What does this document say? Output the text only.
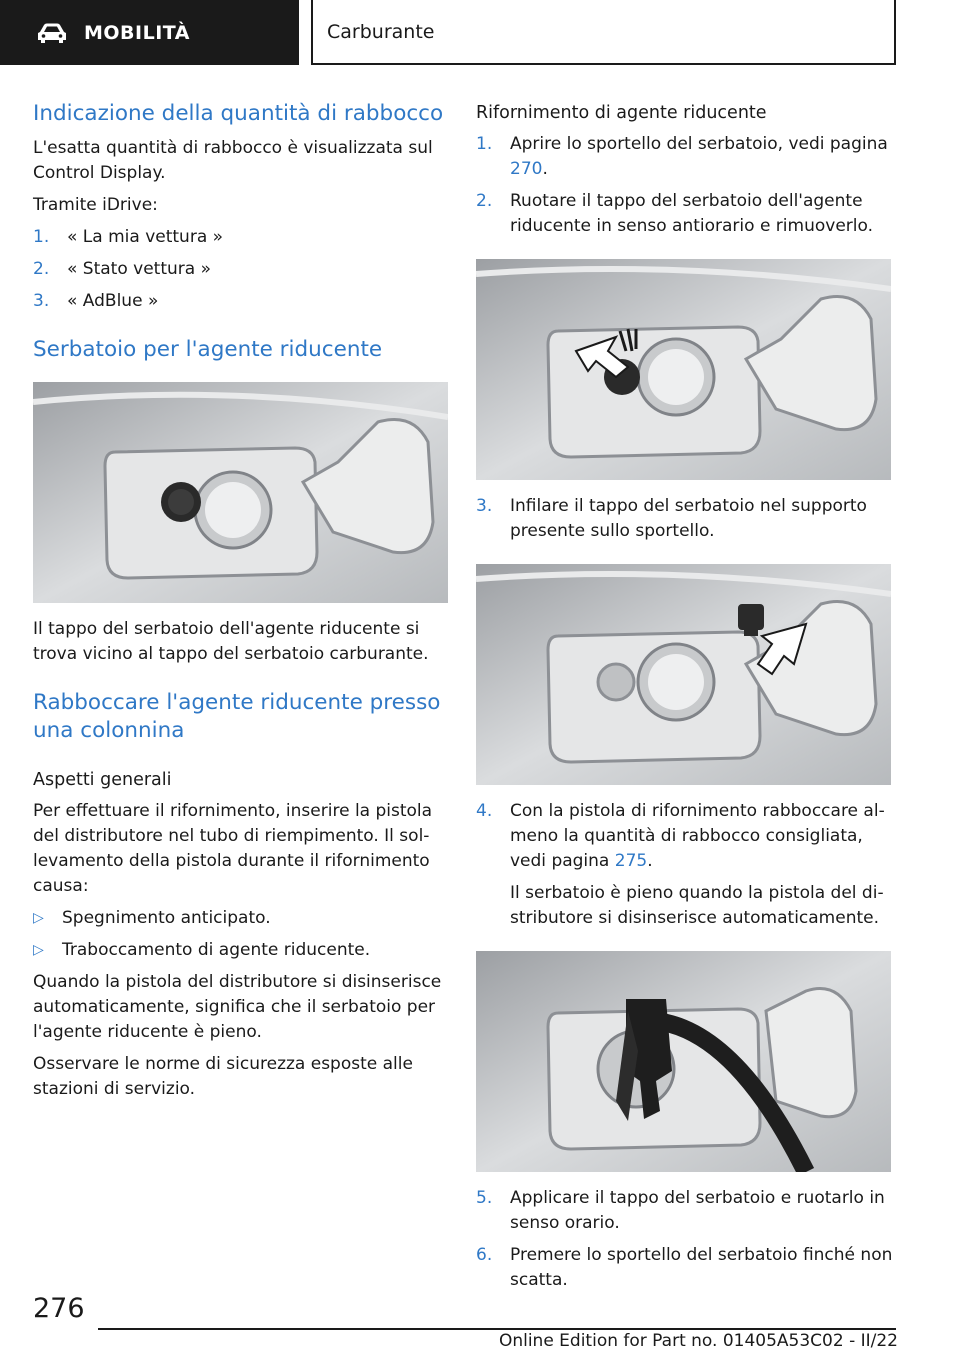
MOBILITÀ	Carburante
Indicazione della quantità di rabbocco

L'esatta quantità di rabbocco è visualizzata sul Control Display.

Tramite iDrive:

1.	« La mia vettura »
2.	« Stato vettura »
3.	« AdBlue »
Serbatoio per l'agente riducente

Il tappo del serbatoio dell'agente riducente si trova vicino al tappo del serbatoio carburante.

Rabboccare l'agente riducente presso una colonnina
Aspetti generali

Per effettuare il rifornimento, inserire la pistola del distributore nel tubo di riempimento. Il sollevamento della pistola durante il rifornimento causa:

▷	Spegnimento anticipato.
▷	Traboccamento di agente riducente.

Quando la pistola del distributore si disinserisce automaticamente, significa che il serbatoio per l'agente riducente è pieno.

Osservare le norme di sicurezza esposte alle stazioni di servizio.

Rifornimento di agente riducente
1.	Aprire lo sportello del serbatoio, vedi pagina 270.
2.	Ruotare il tappo del serbatoio dell'agente riducente in senso antiorario e rimuoverlo.
3.	Infilare il tappo del serbatoio nel supporto presente sullo sportello.
4.	Con la pistola di rifornimento rabboccare almeno la quantità di rabbocco consigliata, vedi pagina 275.

Il serbatoio è pieno quando la pistola del distributore si disinserisce automaticamente.

5.	Applicare il tappo del serbatoio e ruotarlo in senso orario.
6.	Premere lo sportello del serbatoio finché non scatta.
276
Online Edition for Part no. 01405A53C02 - II/22
